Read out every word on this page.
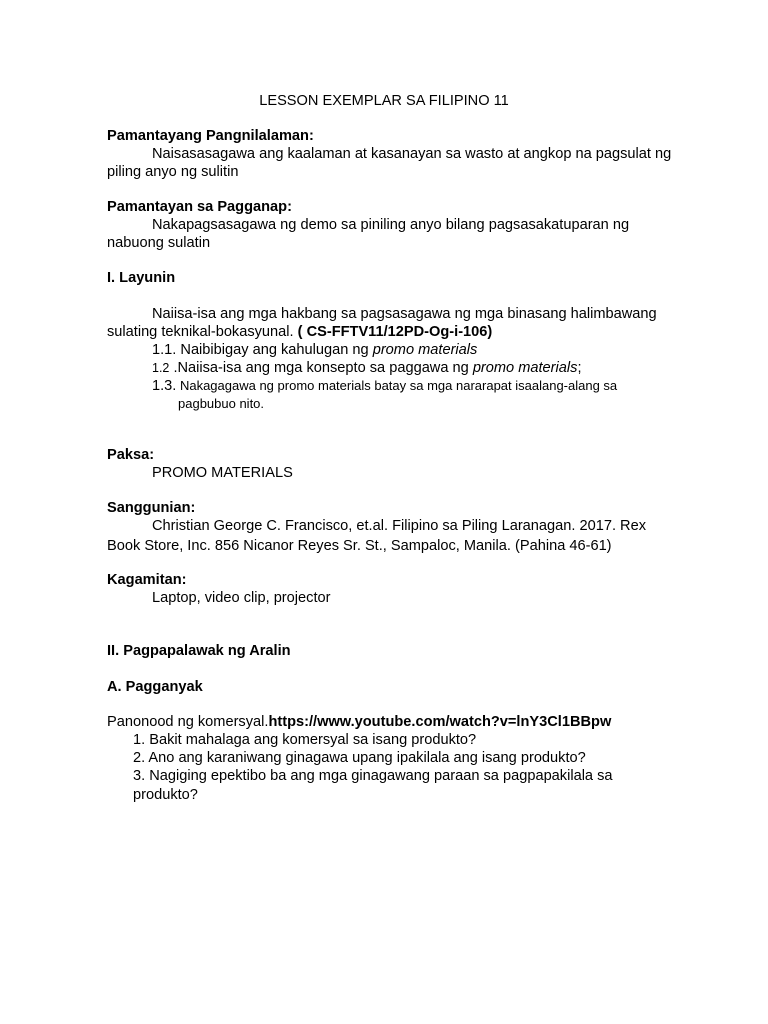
LESSON EXEMPLAR SA FILIPINO 11
Pamantayang Pangnilalaman:
Naisasasagawa ang kaalaman at kasanayan sa wasto at angkop na pagsulat ng
piling anyo ng sulitin
Pamantayan sa Pagganap:
Nakapagsasagawa ng demo sa piniling anyo bilang pagsasakatuparan ng
nabuong sulatin
I. Layunin
Naiisa-isa ang mga hakbang sa pagsasagawa ng mga binasang halimbawang
sulating teknikal-bokasyunal. ( CS-FFTV11/12PD-Og-i-106)
1.1. Naibibigay ang kahulugan ng promo materials
1.2 .Naiisa-isa ang mga konsepto sa paggawa ng promo materials;
1.3. Nakagagawa ng promo materials batay sa mga nararapat isaalang-alang sa
pagbubuo nito.
Paksa:
PROMO MATERIALS
Sanggunian:
Christian George C. Francisco, et.al. Filipino sa Piling Laranagan. 2017. Rex
Book Store, Inc. 856 Nicanor Reyes Sr. St., Sampaloc, Manila. (Pahina 46-61)
Kagamitan:
Laptop, video clip, projector
II. Pagpapalawak ng Aralin
A. Pagganyak
Panonood ng komersyal.https://www.youtube.com/watch?v=lnY3Cl1BBpw
1. Bakit mahalaga ang komersyal sa isang produkto?
2. Ano ang karaniwang ginagawa upang ipakilala ang isang produkto?
3. Nagiging epektibo ba ang mga ginagawang paraan sa pagpapakilala sa
produkto?
